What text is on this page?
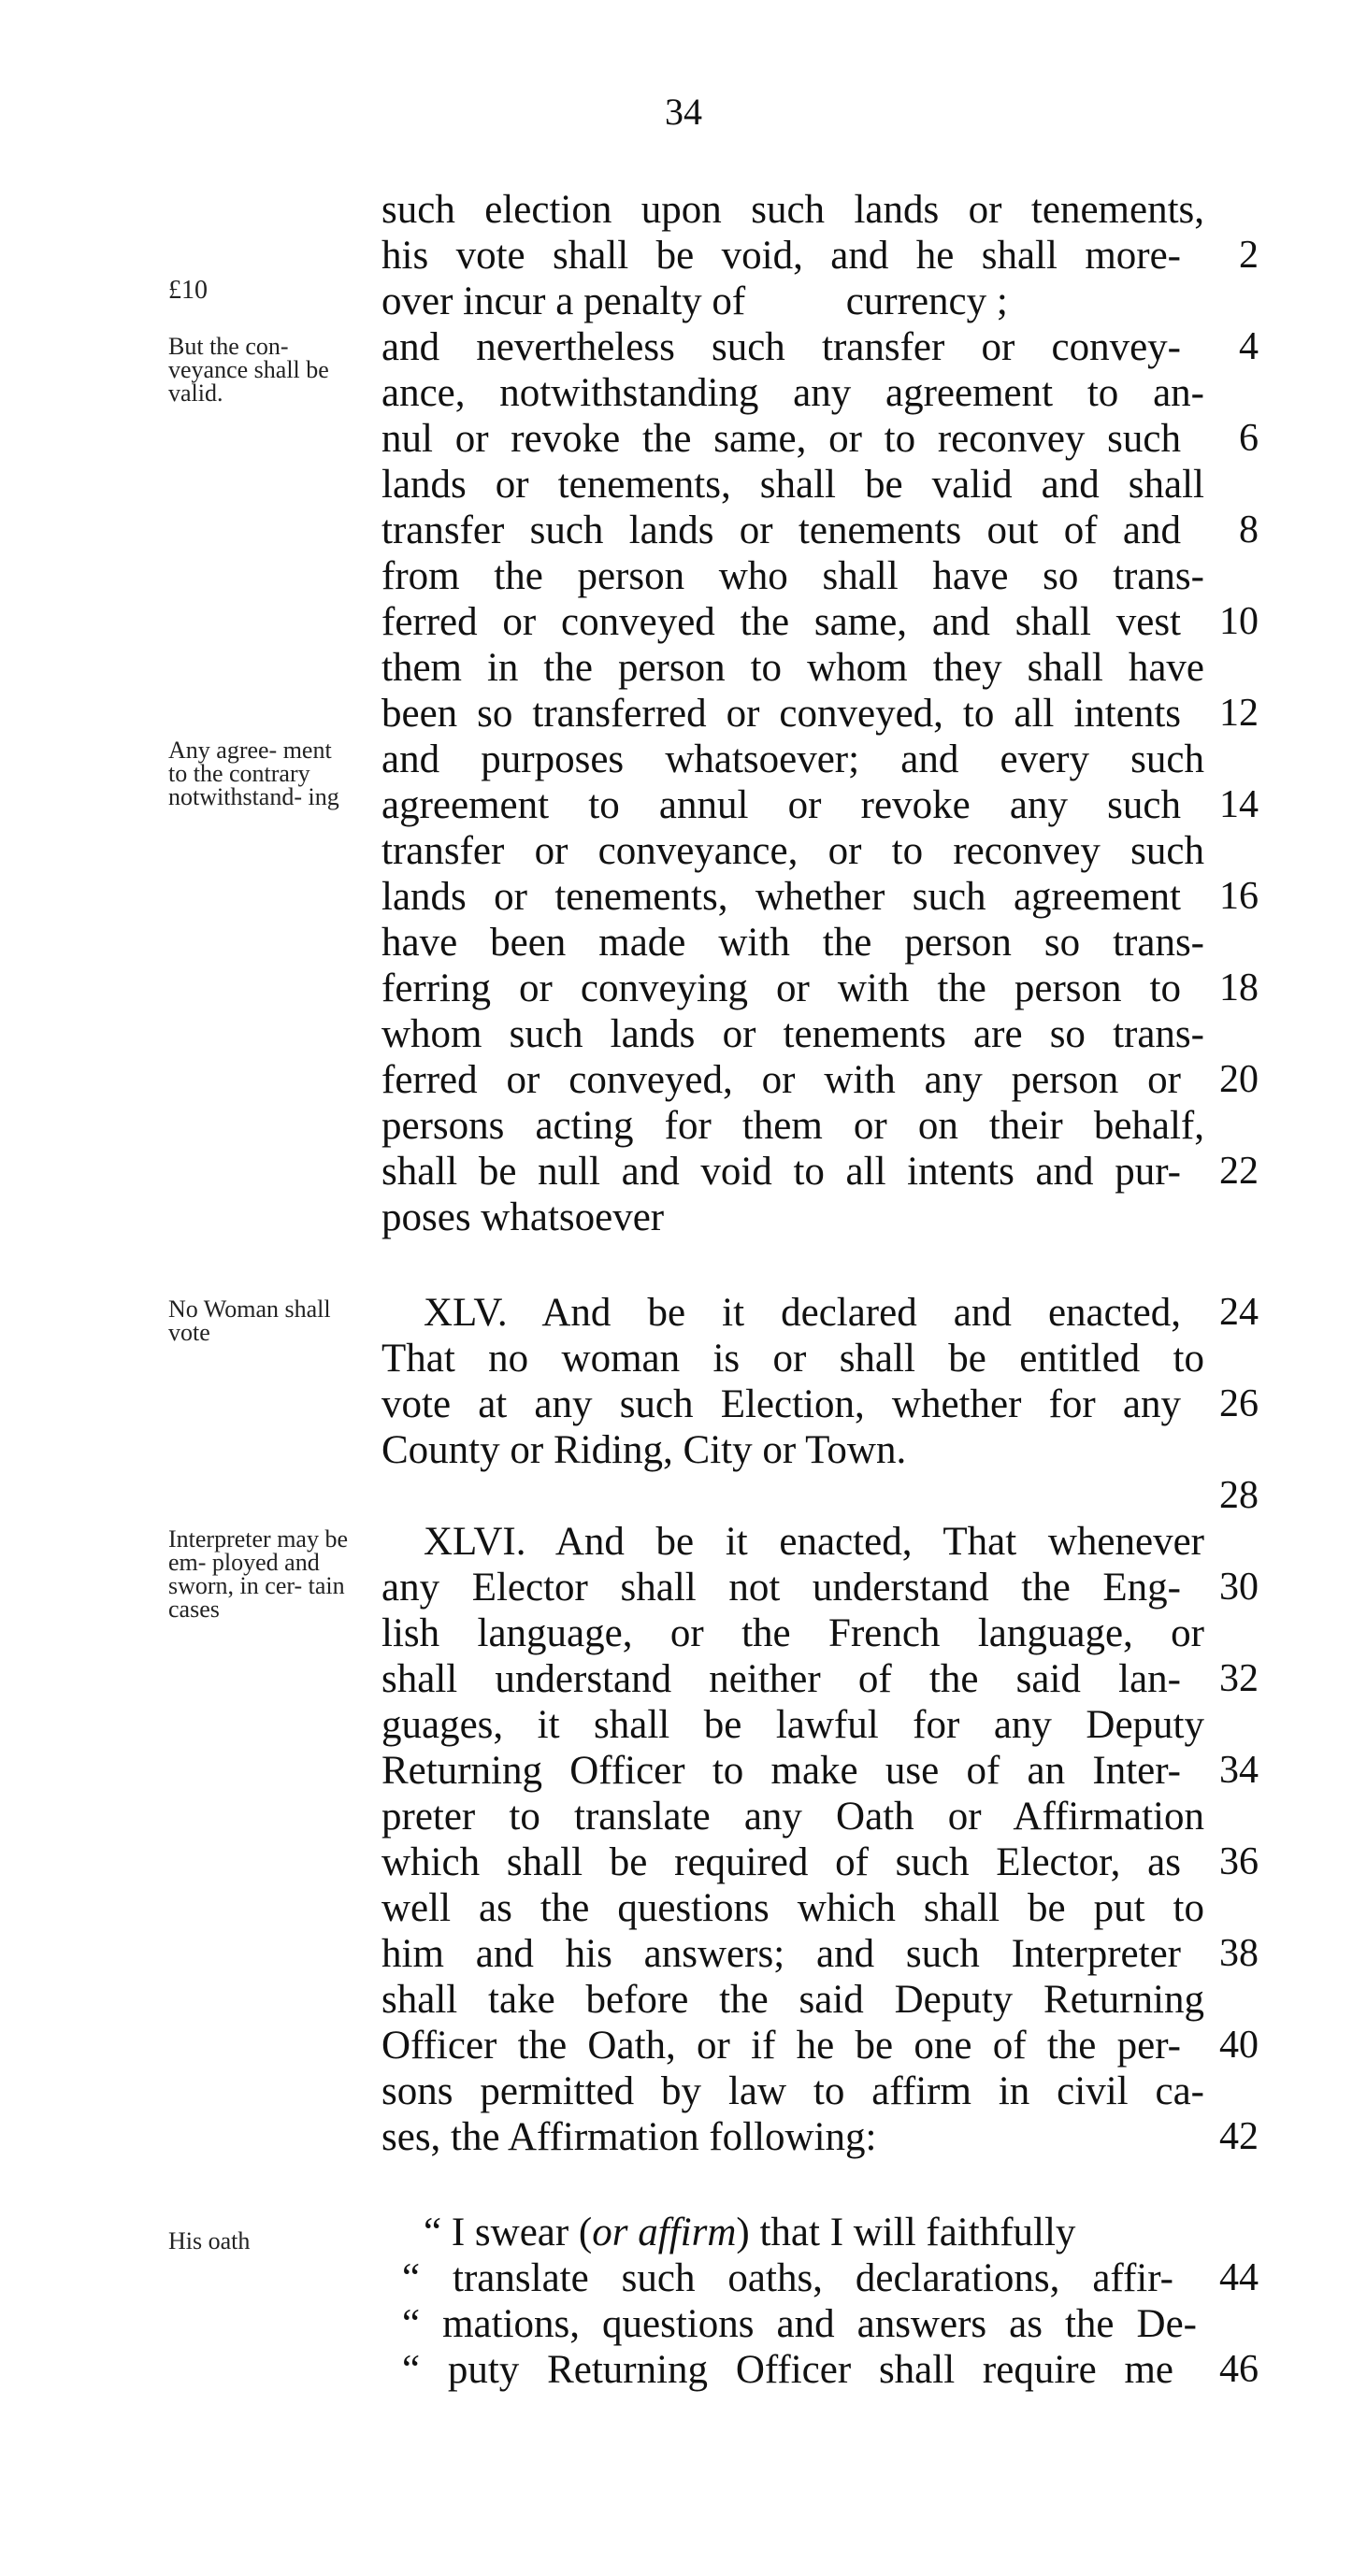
34
£10
But the con- veyance shall be valid.
Any agree- ment to the contrary notwithstand- ing
No Woman shall vote
Interpreter may be em- ployed and sworn, in cer- tain cases
His oath
such election upon such lands or tenements,
his vote shall be void, and he shall more-
over incur a penalty of          currency ;
and nevertheless such transfer or convey-
ance, notwithstanding any agreement to an-
nul or revoke the same, or to reconvey such
lands or tenements, shall be valid and shall
transfer such lands or tenements out of and
from the person who shall have so trans-
ferred or conveyed the same, and shall vest
them in the person to whom they shall have
been so transferred or conveyed, to all intents
and purposes whatsoever; and every such
agreement to annul or revoke any such
transfer or conveyance, or to reconvey such
lands or tenements, whether such agreement
have been made with the person so trans-
ferring or conveying or with the person to
whom such lands or tenements are so trans-
ferred or conveyed, or with any person or
persons acting for them or on their behalf,
shall be null and void to all intents and pur-
poses whatsoever
XLV. And be it declared and enacted,
That no woman is or shall be entitled to
vote at any such Election, whether for any
County or Riding, City or Town.
XLVI. And be it enacted, That whenever
any Elector shall not understand the Eng-
lish language, or the French language, or
shall understand neither of the said lan-
guages, it shall be lawful for any Deputy
Returning Officer to make use of an Inter-
preter to translate any Oath or Affirmation
which shall be required of such Elector, as
well as the questions which shall be put to
him and his answers; and such Interpreter
shall take before the said Deputy Returning
Officer the Oath, or if he be one of the per-
sons permitted by law to affirm in civil ca-
ses, the Affirmation following:
“ I swear (or affirm) that I will faithfully
“ translate such oaths, declarations, affir-
“ mations, questions and answers as the De-
“ puty Returning Officer shall require me
2
4
6
8
10
12
14
16
18
20
22
24
26
28
30
32
34
36
38
40
42
44
46
